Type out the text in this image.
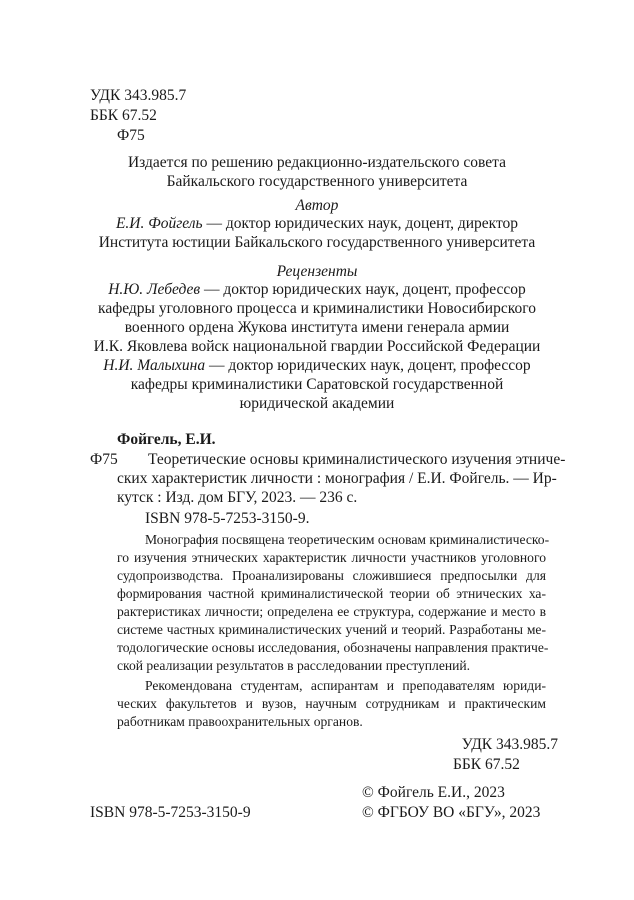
УДК 343.985.7
ББК 67.52
Ф75
Издается по решению редакционно-издательского совета
Байкальского государственного университета
Автор
Е.И. Фойгель — доктор юридических наук, доцент, директор
Института юстиции Байкальского государственного университета
Рецензенты
Н.Ю. Лебедев — доктор юридических наук, доцент, профессор
кафедры уголовного процесса и криминалистики Новосибирского
военного ордена Жукова института имени генерала армии
И.К. Яковлева войск национальной гвардии Российской Федерации
Н.И. Малыхина — доктор юридических наук, доцент, профессор
кафедры криминалистики Саратовской государственной
юридической академии
Фойгель, Е.И.
Ф75 Теоретические основы криминалистического изучения этниче-
ских характеристик личности : монография / Е.И. Фойгель. — Ир-
кутск : Изд. дом БГУ, 2023. — 236 с.
ISBN 978-5-7253-3150-9.
Монография посвящена теоретическим основам криминалистическо-
го изучения этнических характеристик личности участников уголовного
судопроизводства. Проанализированы сложившиеся предпосылки для
формирования частной криминалистической теории об этнических ха-
рактеристиках личности; определена ее структура, содержание и место в
системе частных криминалистических учений и теорий. Разработаны ме-
тодологические основы исследования, обозначены направления практиче-
ской реализации результатов в расследовании преступлений.
Рекомендована студентам, аспирантам и преподавателям юриди-
ческих факультетов и вузов, научным сотрудникам и практическим
работникам правоохранительных органов.
УДК 343.985.7
ББК 67.52
© Фойгель Е.И., 2023
ISBN 978-5-7253-3150-9	© ФГБОУ ВО «БГУ», 2023
